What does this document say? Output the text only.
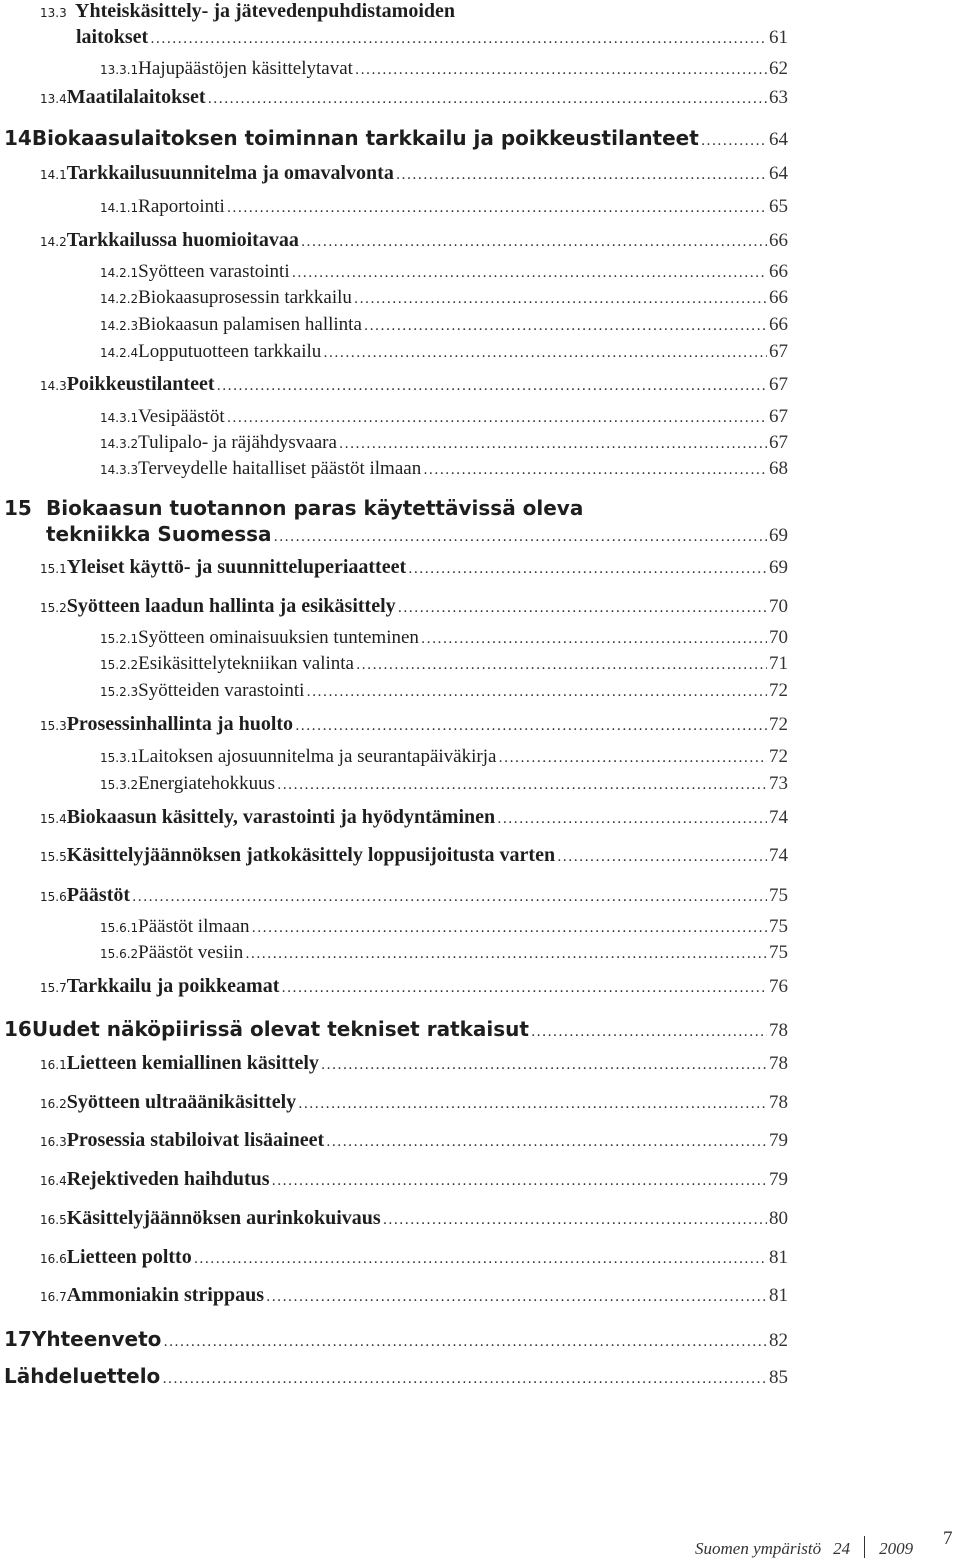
13.3 Yhteiskäsittely- ja jätevedenpuhdistamoiden
laitokset .....	61
13.3.1 Hajupäästöjen käsittelytavat .....	62
13.4 Maatilalaitokset .....	63
14 Biokaasulaitoksen toiminnan tarkkailu ja poikkeustilanteet .....	64
14.1 Tarkkailusuunnitelma ja omavalvonta .....	64
14.1.1 Raportointi .....	65
14.2 Tarkkailussa huomioitavaa .....	66
14.2.1 Syötteen varastointi .....	66
14.2.2 Biokaasuprosessin tarkkailu .....	66
14.2.3 Biokaasun palamisen hallinta .....	66
14.2.4 Lopputuotteen tarkkailu .....	67
14.3 Poikkeustilanteet .....	67
14.3.1 Vesipäästöt .....	67
14.3.2 Tulipalo- ja räjähdysvaara .....	67
14.3.3 Terveydelle haitalliset päästöt ilmaan .....	68
15 Biokaasun tuotannon paras käytettävissä oleva
tekniikka Suomessa .....	69
15.1 Yleiset käyttö- ja suunnitteluperiaatteet .....	69
15.2 Syötteen laadun hallinta ja esikäsittely .....	70
15.2.1 Syötteen ominaisuuksien tunteminen .....	70
15.2.2 Esikäsittelytekniikan valinta .....	71
15.2.3 Syötteiden varastointi .....	72
15.3 Prosessinhallinta ja huolto .....	72
15.3.1 Laitoksen ajosuunnitelma ja seurantapäiväkirja .....	72
15.3.2 Energiatehokkuus .....	73
15.4 Biokaasun käsittely, varastointi ja hyödyntäminen .....	74
15.5 Käsittelyjäännöksen jatkokäsittely loppusijoitusta varten .....	74
15.6 Päästöt .....	75
15.6.1 Päästöt ilmaan .....	75
15.6.2 Päästöt vesiin .....	75
15.7 Tarkkailu ja poikkeamat .....	76
16 Uudet näköpiirissä olevat tekniset ratkaisut .....	78
16.1 Lietteen kemiallinen käsittely .....	78
16.2 Syötteen ultraäänikäsittely .....	78
16.3 Prosessia stabiloivat lisäaineet .....	79
16.4 Rejektiveden haihdutus .....	79
16.5 Käsittelyjäännöksen aurinkokuivaus .....	80
16.6 Lietteen poltto .....	81
16.7 Ammoniakin strippaus .....	81
17 Yhteenveto .....	82
Lähdeluettelo .....	85
Suomen ympäristö 24 2009 7
